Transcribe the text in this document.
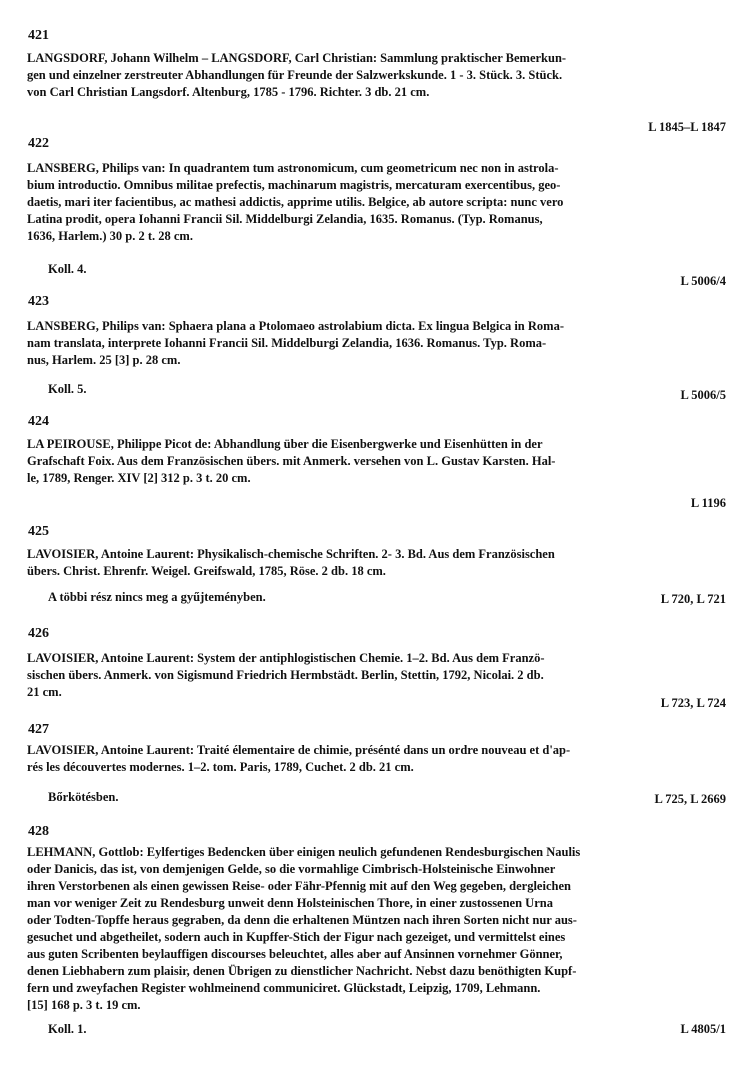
421
LANGSDORF, Johann Wilhelm – LANGSDORF, Carl Christian: Sammlung praktischer Bemerkun-
gen und einzelner zerstreuter Abhandlungen für Freunde der Salzwerkskunde. 1 - 3. Stück. 3. Stück.
von Carl Christian Langsdorf. Altenburg, 1785 - 1796. Richter. 3 db. 21 cm.
L 1845–L 1847
422
LANSBERG, Philips van: In quadrantem tum astronomicum, cum geometricum nec non in astrola-
bium introductio. Omnibus militae prefectis, machinarum magistris, mercaturam exercentibus, geo-
daetis, mari iter facientibus, ac mathesi addictis, apprime utilis. Belgice, ab autore scripta: nunc vero
Latina prodit, opera Iohanni Francii Sil. Middelburgi Zelandia, 1635. Romanus. (Typ. Romanus,
1636, Harlem.) 30 p. 2 t. 28 cm.
Koll. 4.
L 5006/4
423
LANSBERG, Philips van: Sphaera plana a Ptolomaeo astrolabium dicta. Ex lingua Belgica in Roma-
nam translata, interprete Iohanni Francii Sil. Middelburgi Zelandia, 1636. Romanus. Typ. Roma-
nus, Harlem. 25 [3] p. 28 cm.
Koll. 5.	L 5006/5
424
LA PEIROUSE, Philippe Picot de: Abhandlung über die Eisenbergwerke und Eisenhütten in der
Grafschaft Foix. Aus dem Französischen übers. mit Anmerk. versehen von L. Gustav Karsten. Hal-
le, 1789, Renger. XIV [2] 312 p. 3 t. 20 cm.
L 1196
425
LAVOISIER, Antoine Laurent: Physikalisch-chemische Schriften. 2- 3. Bd. Aus dem Französischen
übers. Christ. Ehrenfr. Weigel. Greifswald, 1785, Röse. 2 db. 18 cm.
A többi rész nincs meg a gyűjteményben.	L 720, L 721
426
LAVOISIER, Antoine Laurent: System der antiphlogistischen Chemie. 1–2. Bd. Aus dem Franzö-
sischen übers. Anmerk. von Sigismund Friedrich Hermbstädt. Berlin, Stettin, 1792, Nicolai. 2 db.
21 cm.
L 723, L 724
427
LAVOISIER, Antoine Laurent: Traité élementaire de chimie, présénté dans un ordre nouveau et d'ap-
rés les découvertes modernes. 1–2. tom. Paris, 1789, Cuchet. 2 db. 21 cm.
Bőrkötésben.	L 725, L 2669
428
LEHMANN, Gottlob: Eylfertiges Bedencken über einigen neulich gefundenen Rendesburgischen Naulis
oder Danicis, das ist, von demjenigen Gelde, so die vormahlige Cimbrisch-Holsteinische Einwohner
ihren Verstorbenen als einen gewissen Reise- oder Fähr-Pfennig mit auf den Weg gegeben, dergleichen
man vor weniger Zeit zu Rendesburg unweit denn Holsteinischen Thore, in einer zustossenen Urna
oder Todten-Topffe heraus gegraben, da denn die erhaltenen Müntzen nach ihren Sorten nicht nur aus-
gesuchet und abgetheilet, sodern auch in Kupffer-Stich der Figur nach gezeiget, und vermittelst eines
aus guten Scribenten beylauffigen discourses beleuchtet, alles aber auf Ansinnen vornehmer Gönner,
denen Liebhabern zum plaisir, denen Übrigen zu dienstlicher Nachricht. Nebst dazu benöthigten Kupf-
fern und zweyfachen Register wohlmeinend communiciret. Glückstadt, Leipzig, 1709, Lehmann.
[15] 168 p. 3 t. 19 cm.
Koll. 1.	L 4805/1
